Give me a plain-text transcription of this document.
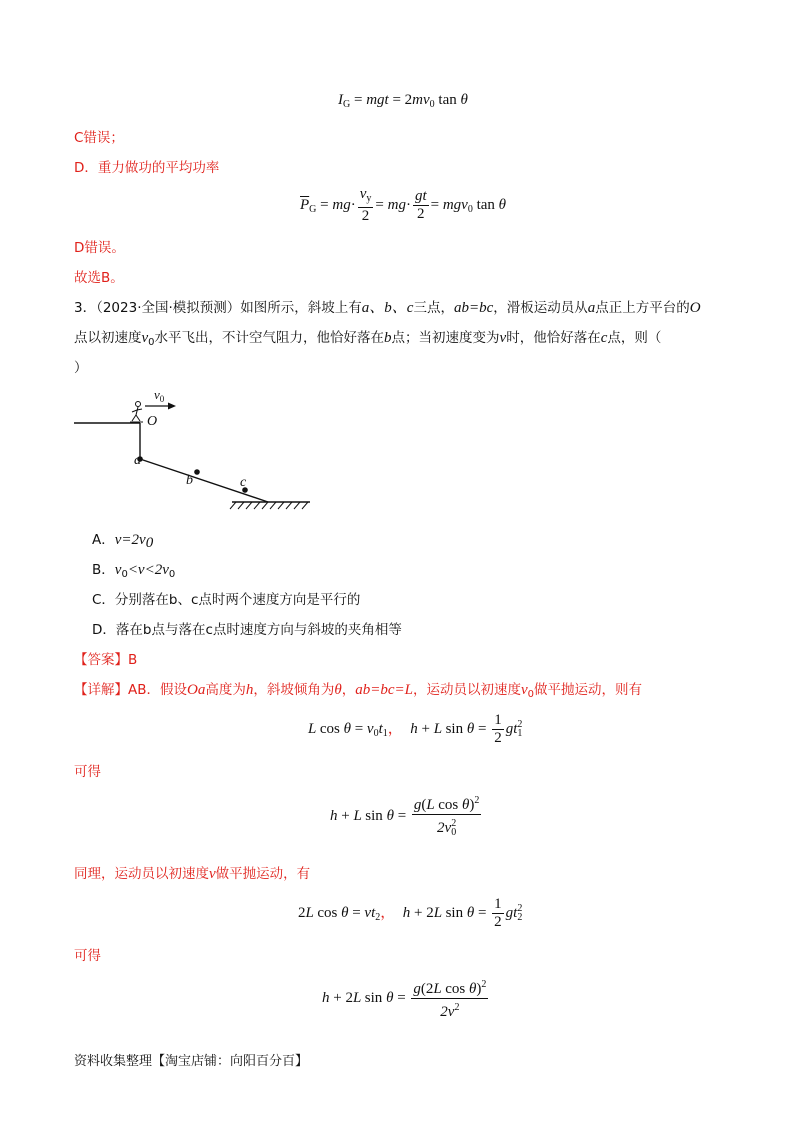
$I_G$ = mgt = $2mv_0$ tan θ
C错误；
D．重力做功的平均功率
$\overline{P}_G = mg\cdot \frac{v_y}{2} = mg\cdot \frac{gt}{2} = mgv_0$ tan θ
D错误。
故选B。
3．（2023·全国·模拟预测）如图所示，斜坡上有a、b、c三点，ab=bc，滑板运动员从a点正上方平台的O
点以初速度$v_0$水平飞出，不计空气阻力，他恰好落在b点；当初速度变为v时，他恰好落在c点，则（
）
$v_0$
O
a
b	c
A．v=2v0
B．$v_0<v<2v_0$
C．分别落在b、c点时两个速度方向是平行的
D．落在b点与落在c点时速度方向与斜坡的夹角相等
【答案】B
【详解】AB．假设Oa高度为h，斜坡倾角为θ，ab=bc=L，运动员以初速度$v_0$做平抛运动，则有
L $\cos \theta = v_0t_1$，  h + L $\sin \theta = \frac{1}{2} gt_1^2$
可得
h + L $\sin \theta = \frac{g(L \cos \theta)^2}{2v_0^2}$
同理，运动员以初速度v做平抛运动，有
2L $\cos \theta = vt_2$，  h + 2L $\sin \theta = \frac{1}{2} gt_2^2$
可得
h + 2L $\sin \theta = \frac{g(2L \cos \theta)^2}{2v^2}$
资料收集整理【淘宝店铺：向阳百分百】
